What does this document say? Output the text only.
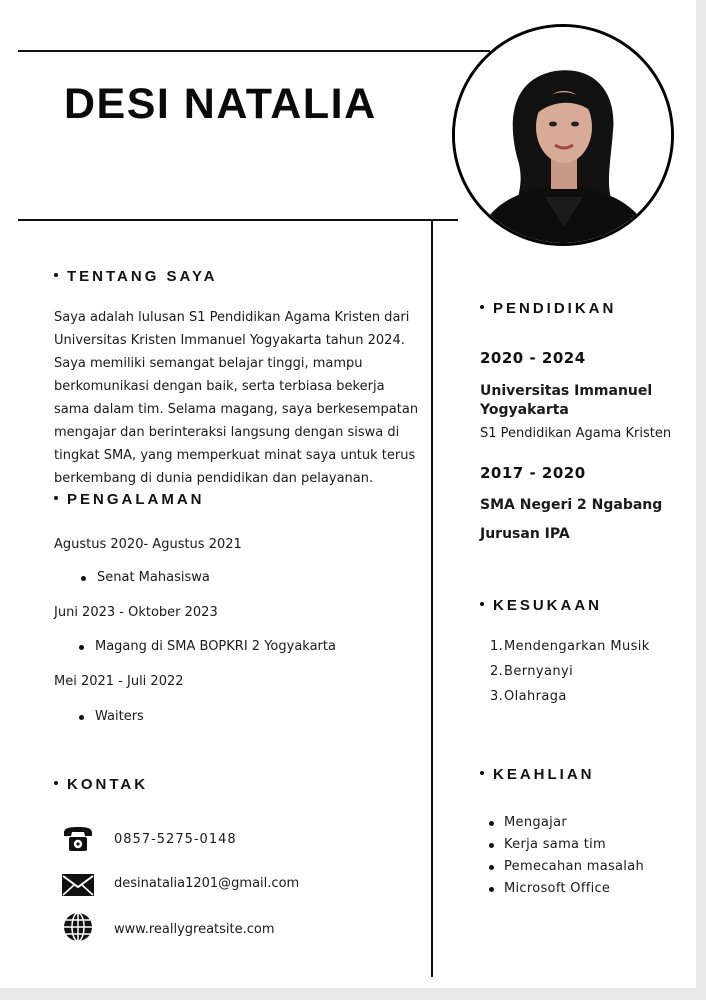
DESI NATALIA
TENTANG SAYA
Saya adalah lulusan S1 Pendidikan Agama Kristen dari
Universitas Kristen Immanuel Yogyakarta tahun 2024.
Saya memiliki semangat belajar tinggi, mampu
berkomunikasi dengan baik, serta terbiasa bekerja
sama dalam tim. Selama magang, saya berkesempatan
mengajar dan berinteraksi langsung dengan siswa di
tingkat SMA, yang memperkuat minat saya untuk terus
berkembang di dunia pendidikan dan pelayanan.
PENGALAMAN
Agustus 2020- Agustus 2021
Senat Mahasiswa
Juni 2023 - Oktober 2023
Magang di SMA BOPKRI 2 Yogyakarta
Mei 2021 - Juli 2022
Waiters
KONTAK
0857-5275-0148
desinatalia1201@gmail.com
www.reallygreatsite.com
PENDIDIKAN
2020 - 2024
Universitas Immanuel Yogyakarta
S1 Pendidikan Agama Kristen
2017 - 2020
SMA Negeri 2 Ngabang
Jurusan IPA
KESUKAAN
1.Mendengarkan Musik
2.Bernyanyi
3.Olahraga
KEAHLIAN
Mengajar
Kerja sama tim
Pemecahan masalah
Microsoft Office
